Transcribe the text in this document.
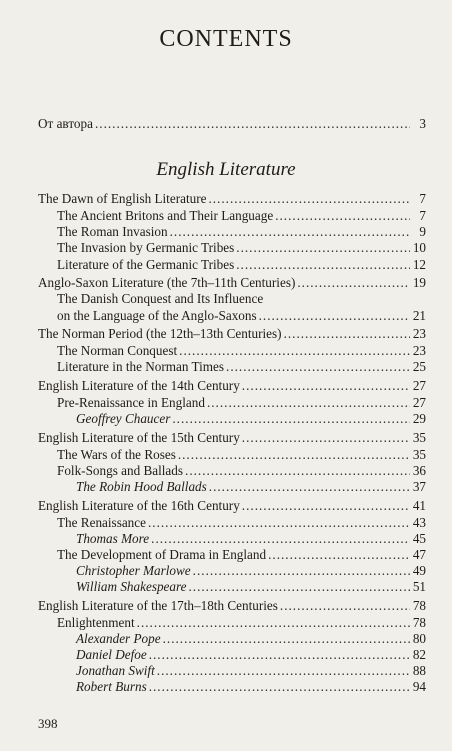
CONTENTS
От автора .....	3
English Literature
The Dawn of English Literature .....	7
The Ancient Britons and Their Language .....	7
The Roman Invasion .....	9
The Invasion by Germanic Tribes .....	10
Literature of the Germanic Tribes .....	12
Anglo-Saxon Literature (the 7th–11th Centuries) .....	19
The Danish Conquest and Its Influence
on the Language of the Anglo-Saxons .....	21
The Norman Period (the 12th–13th Centuries) .....	23
The Norman Conquest .....	23
Literature in the Norman Times .....	25
English Literature of the 14th Century .....	27
Pre-Renaissance in England .....	27
Geoffrey Chaucer .....	29
English Literature of the 15th Century .....	35
The Wars of the Roses .....	35
Folk-Songs and Ballads .....	36
The Robin Hood Ballads .....	37
English Literature of the 16th Century .....	41
The Renaissance .....	43
Thomas More .....	45
The Development of Drama in England .....	47
Christopher Marlowe .....	49
William Shakespeare .....	51
English Literature of the 17th–18th Centuries .....	78
Enlightenment .....	78
Alexander Pope .....	80
Daniel Defoe .....	82
Jonathan Swift .....	88
Robert Burns .....	94
398
